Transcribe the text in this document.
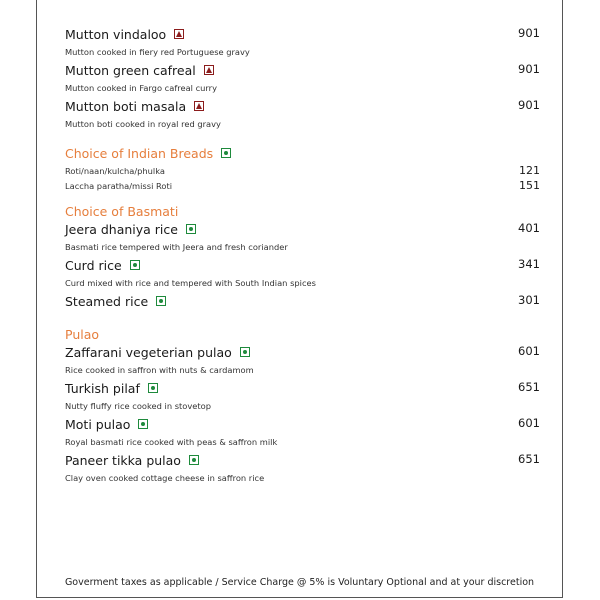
Mutton vindaloo	901
Mutton cooked in fiery red Portuguese gravy
Mutton green cafreal	901
Mutton cooked in Fargo cafreal curry
Mutton boti masala	901
Mutton boti cooked in royal red gravy
Choice of Indian Breads
Roti/naan/kulcha/phulka	121
Laccha paratha/missi Roti	151
Choice of Basmati
Jeera dhaniya rice	401
Basmati rice tempered with Jeera and fresh coriander
Curd rice	341
Curd mixed with rice and tempered with South Indian spices
Steamed rice	301
Pulao
Zaffarani vegeterian pulao	601
Rice cooked in saffron with nuts & cardamom
Turkish pilaf	651
Nutty fluffy rice cooked in stovetop
Moti pulao	601
Royal basmati rice cooked with peas & saffron milk
Paneer tikka pulao	651
Clay oven cooked cottage cheese in saffron rice
Goverment taxes as applicable / Service Charge @ 5% is Voluntary Optional and at your discretion
